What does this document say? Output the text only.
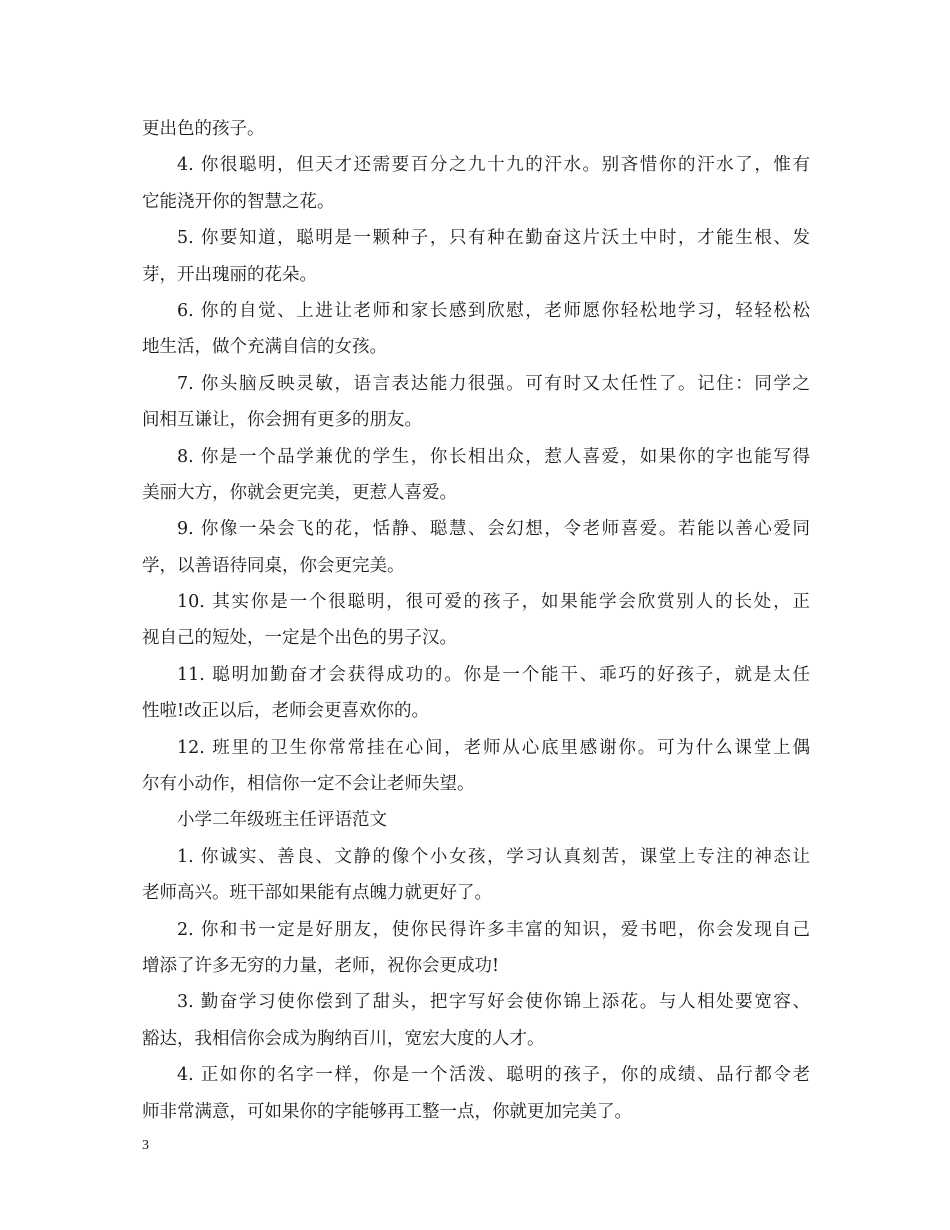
更出色的孩子。
4. 你很聪明，但天才还需要百分之九十九的汗水。别吝惜你的汗水了，惟有
它能浇开你的智慧之花。
5. 你要知道，聪明是一颗种子，只有种在勤奋这片沃土中时，才能生根、发
芽，开出瑰丽的花朵。
6. 你的自觉、上进让老师和家长感到欣慰，老师愿你轻松地学习，轻轻松松
地生活，做个充满自信的女孩。
7. 你头脑反映灵敏，语言表达能力很强。可有时又太任性了。记住：同学之
间相互谦让，你会拥有更多的朋友。
8. 你是一个品学兼优的学生，你长相出众，惹人喜爱，如果你的字也能写得
美丽大方，你就会更完美，更惹人喜爱。
9. 你像一朵会飞的花，恬静、聪慧、会幻想，令老师喜爱。若能以善心爱同
学，以善语待同桌，你会更完美。
10. 其实你是一个很聪明，很可爱的孩子，如果能学会欣赏别人的长处，正
视自己的短处，一定是个出色的男子汉。
11. 聪明加勤奋才会获得成功的。你是一个能干、乖巧的好孩子，就是太任
性啦!改正以后，老师会更喜欢你的。
12. 班里的卫生你常常挂在心间，老师从心底里感谢你。可为什么课堂上偶
尔有小动作，相信你一定不会让老师失望。
小学二年级班主任评语范文
1. 你诚实、善良、文静的像个小女孩，学习认真刻苦，课堂上专注的神态让
老师高兴。班干部如果能有点魄力就更好了。
2. 你和书一定是好朋友，使你民得许多丰富的知识，爱书吧，你会发现自己
增添了许多无穷的力量，老师，祝你会更成功!
3. 勤奋学习使你偿到了甜头，把字写好会使你锦上添花。与人相处要宽容、
豁达，我相信你会成为胸纳百川，宽宏大度的人才。
4. 正如你的名字一样，你是一个活泼、聪明的孩子，你的成绩、品行都令老
师非常满意，可如果你的字能够再工整一点，你就更加完美了。
3
